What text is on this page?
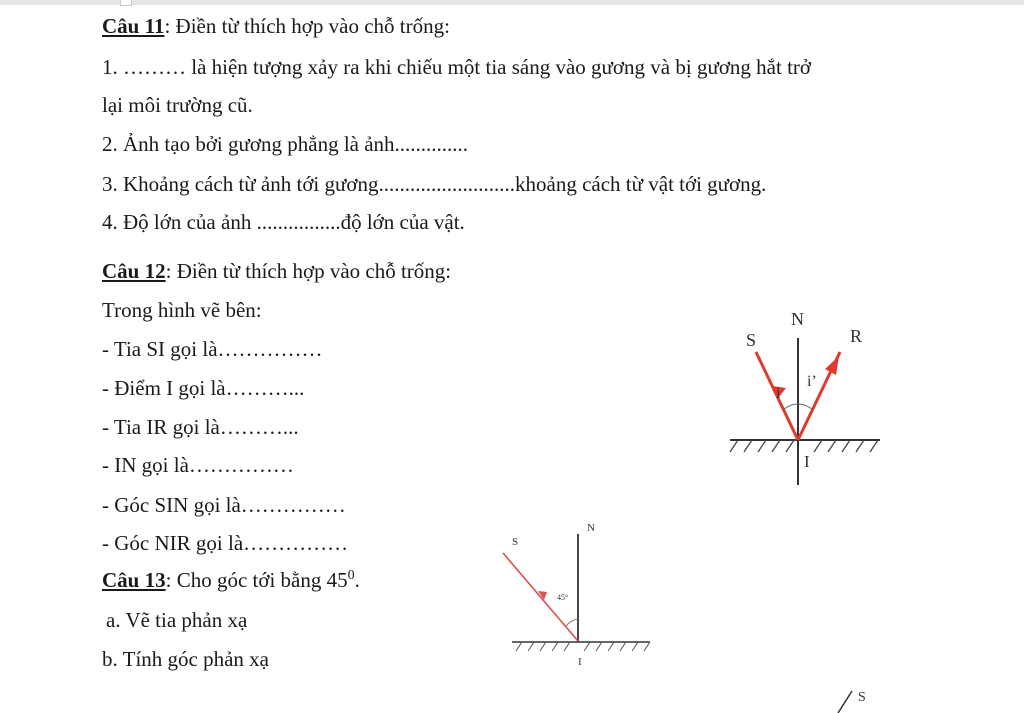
Câu 11: Điền từ thích hợp vào chỗ trống:
1. ……… là hiện tượng xảy ra khi chiếu một tia sáng vào gương và bị gương hắt trở
lại môi trường cũ.
2. Ảnh tạo bởi gương phẳng là ảnh..............
3. Khoảng cách từ ảnh tới gương..........................khoảng cách từ vật tới gương.
4. Độ lớn của ảnh ................độ lớn của vật.
Câu 12: Điền từ thích hợp vào chỗ trống:
Trong hình vẽ bên:
- Tia SI gọi là……………
- Điểm I gọi là………...
- Tia IR gọi là………...
- IN gọi là……………
- Góc SIN gọi là……………
- Góc NIR gọi là……………
Câu 13: Cho góc tới bằng $45^0$.
a. Vẽ tia phản xạ
b. Tính góc phản xạ
N
S	R
i
i’
I
N
S
45°
I
S
